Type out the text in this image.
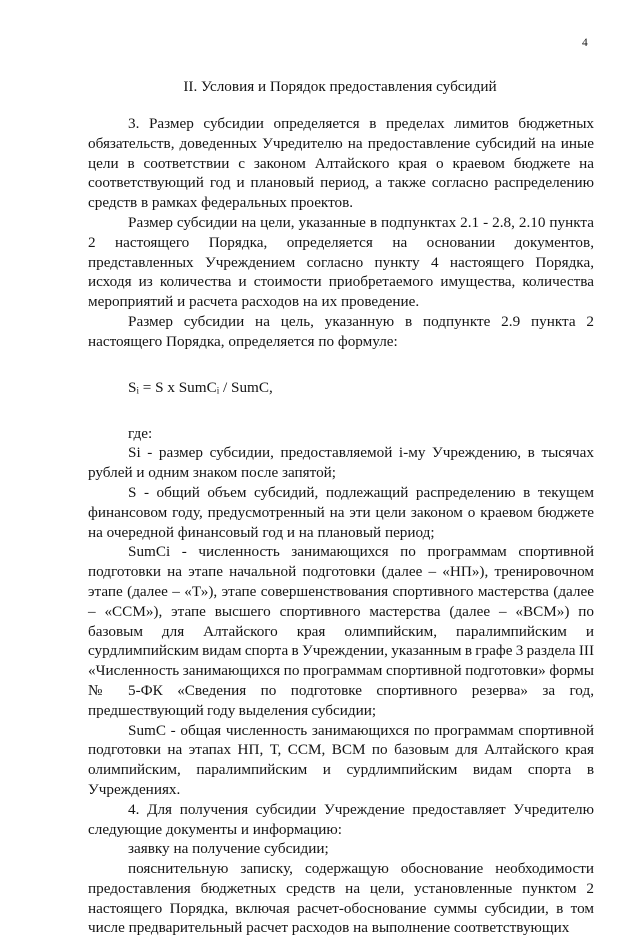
4
II. Условия и Порядок предоставления субсидий

3. Размер субсидии определяется в пределах лимитов бюджетных обязательств, доведенных Учредителю на предоставление субсидий на иные цели в соответствии с законом Алтайского края о краевом бюджете на соответствующий год и плановый период, а также согласно распределению средств в рамках федеральных проектов.

Размер субсидии на цели, указанные в подпунктах 2.1 - 2.8, 2.10 пункта 2 настоящего Порядка, определяется на основании документов, представленных Учреждением согласно пункту 4 настоящего Порядка, исходя из количества и стоимости приобретаемого имущества, количества мероприятий и расчета расходов на их проведение.

Размер субсидии на цель, указанную в подпункте 2.9 пункта 2 настоящего Порядка, определяется по формуле:

Sᵢ = S x SumCᵢ / SumC,

где:

Si - размер субсидии, предоставляемой i-му Учреждению, в тысячах рублей и одним знаком после запятой;

S - общий объем субсидий, подлежащий распределению в текущем финансовом году, предусмотренный на эти цели законом о краевом бюджете на очередной финансовый год и на плановый период;

SumCi - численность занимающихся по программам спортивной подготовки на этапе начальной подготовки (далее – «НП»), тренировочном этапе (далее – «Т»), этапе совершенствования спортивного мастерства (далее – «ССМ»), этапе высшего спортивного мастерства (далее – «ВСМ») по базовым для Алтайского края олимпийским, паралимпийским и сурдлимпийским видам спорта в Учреждении, указанным в графе 3 раздела III «Численность занимающихся по программам спортивной подготовки» формы № 5-ФК «Сведения по подготовке спортивного резерва» за год, предшествующий году выделения субсидии;

SumC - общая численность занимающихся по программам спортивной подготовки на этапах НП, Т, ССМ, ВСМ по базовым для Алтайского края олимпийским, паралимпийским и сурдлимпийским видам спорта в Учреждениях.

4. Для получения субсидии Учреждение предоставляет Учредителю следующие документы и информацию:

заявку на получение субсидии;

пояснительную записку, содержащую обоснование необходимости предоставления бюджетных средств на цели, установленные пунктом 2 настоящего Порядка, включая расчет-обоснование суммы субсидии, в том числе предварительный расчет расходов на выполнение соответствующих
